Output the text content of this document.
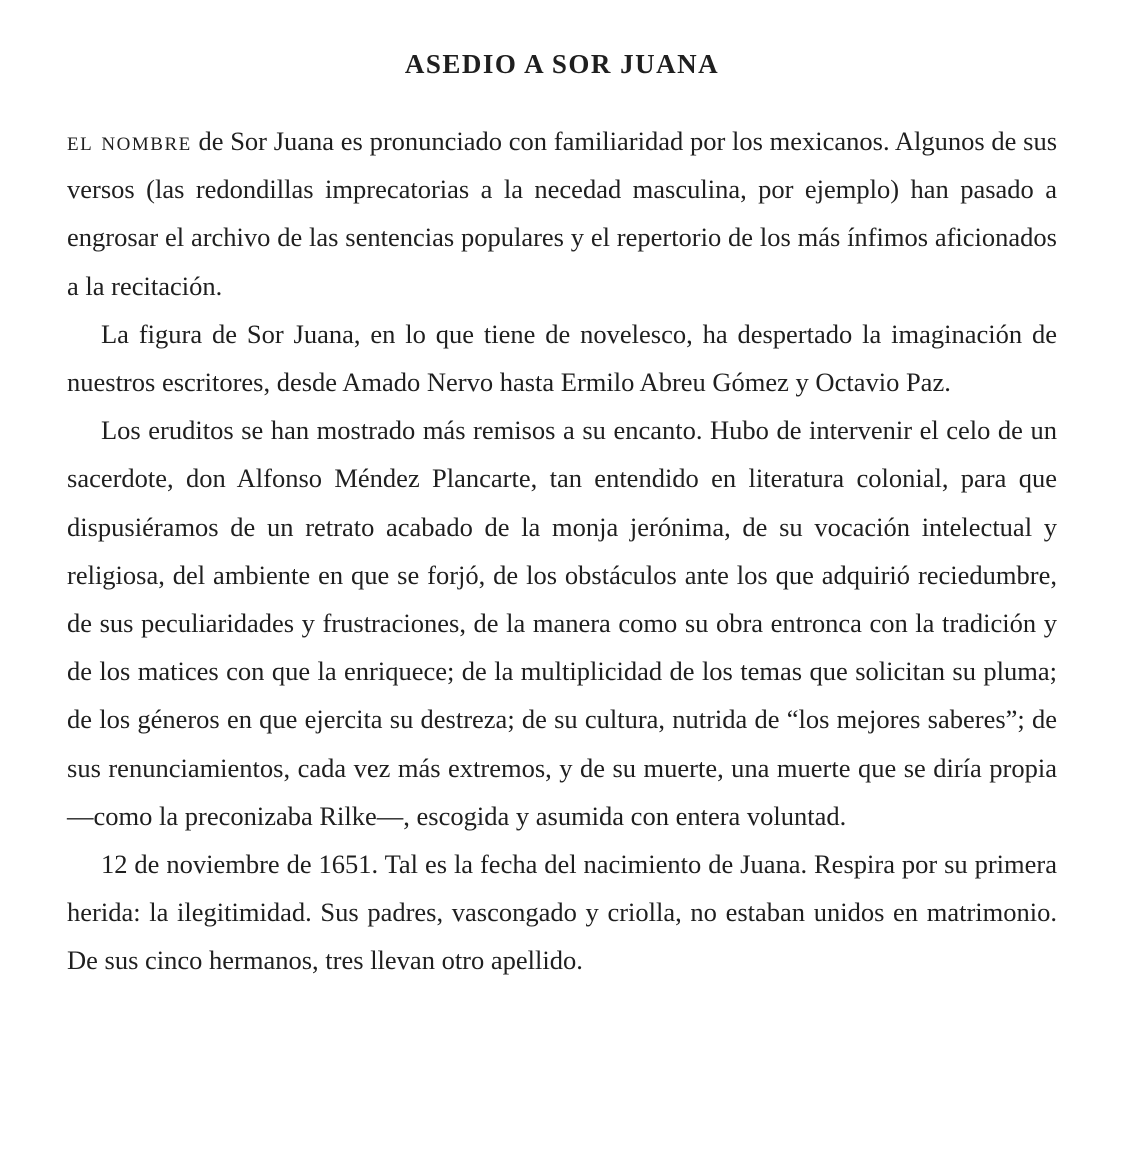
ASEDIO A SOR JUANA

el nombre de Sor Juana es pronunciado con familiaridad por los mexicanos. Algunos de sus versos (las redondillas imprecatorias a la necedad masculina, por ejemplo) han pasado a engrosar el archivo de las sentencias populares y el repertorio de los más ínfimos aficionados a la recitación.

La figura de Sor Juana, en lo que tiene de novelesco, ha despertado la imaginación de nuestros escritores, desde Amado Nervo hasta Ermilo Abreu Gómez y Octavio Paz.

Los eruditos se han mostrado más remisos a su encanto. Hubo de intervenir el celo de un sacerdote, don Alfonso Méndez Plancarte, tan entendido en literatura colonial, para que dispusiéramos de un retrato acabado de la monja jerónima, de su vocación intelectual y religiosa, del ambiente en que se forjó, de los obstáculos ante los que adquirió reciedumbre, de sus peculiaridades y frustraciones, de la manera como su obra entronca con la tradición y de los matices con que la enriquece; de la multiplicidad de los temas que solicitan su pluma; de los géneros en que ejercita su destreza; de su cultura, nutrida de “los mejores saberes”; de sus renunciamientos, cada vez más extremos, y de su muerte, una muerte que se diría propia —como la preconizaba Rilke—, escogida y asumida con entera voluntad.

12 de noviembre de 1651. Tal es la fecha del nacimiento de Juana. Respira por su primera herida: la ilegitimidad. Sus padres, vascongado y criolla, no estaban unidos en matrimonio. De sus cinco hermanos, tres llevan otro apellido.
